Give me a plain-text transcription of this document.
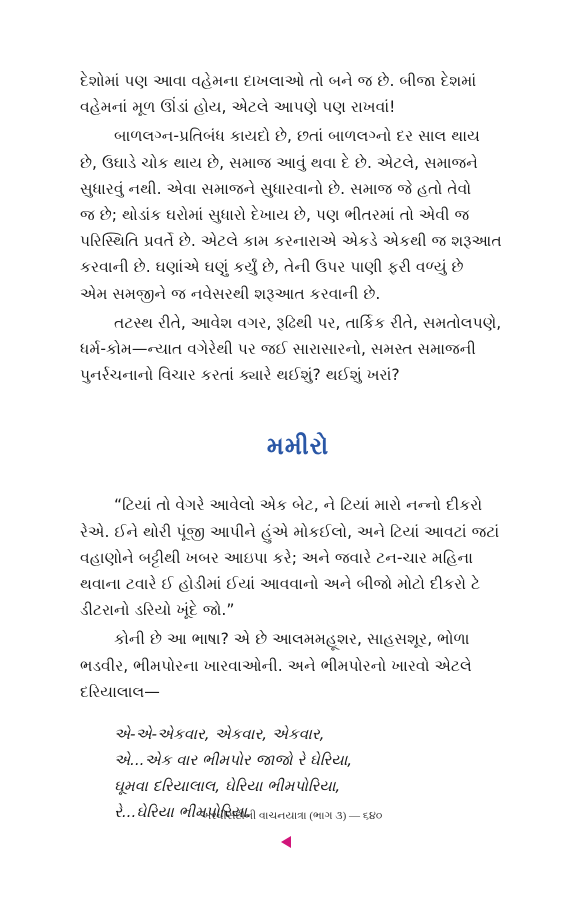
દેશોમાં પણ આવા વહેમના દાખલાઓ તો બને જ છે. બીજા દેશમાં
વહેમનાં મૂળ ઊંડાં હોય, એટલે આપણે પણ રાખવાં!
બાળલગ્ન-પ્રતિબંધ કાયદો છે, છતાં બાળલગ્નો દર સાલ થાય
છે, ઉઘાડે ચોક થાય છે, સમાજ આવું થવા દે છે. એટલે, સમાજને
સુધારવું નથી. એવા સમાજને સુધારવાનો છે. સમાજ જે હતો તેવો
જ છે; થોડાંક ઘરોમાં સુધારો દેખાય છે, પણ ભીતરમાં તો એવી જ
પરિસ્થિતિ પ્રવર્તે છે. એટલે કામ કરનારાએ એકડે એકથી જ શરૂઆત
કરવાની છે. ઘણાંએ ઘણું કર્યું છે, તેની ઉપર પાણી ફરી વળ્યું છે
એમ સમજીને જ નવેસરથી શરૂઆત કરવાની છે.
તટસ્થ રીતે, આવેશ વગર, રૂઢિથી પર, તાર્કિક રીતે, સમતોલપણે,
ધર્મ-કોમ—ન્યાત વગેરેથી પર જઈ સારાસારનો, સમસ્ત સમાજની
પુનર્રચનાનો વિચાર કરતાં ક્યારે થઈશું? થઈશું ખરાં?
મમીરો
“ટિયાં તો વેગરે આવેલો એક બેટ, ને ટિયાં મારો નન્નો દીકરો
રેએ. ઈને થોરી પૂંજી આપીને હુંએ મોકઈલો, અને ટિયાં આવટાં જટાં
વહાણોને બટ્ટીથી ખબર આઇપા કરે; અને જવારે ટન-ચાર મહિના
થવાના ટવારે ઈ હોડીમાં ઈયાં આવવાનો અને બીજો મોટો દીકરો ટે
ડીટરાનો ડરિયો ખૂંદે જો.”
કોની છે આ ભાષા? એ છે આલમમહૂશર, સાહસશૂર, ભોળા
ભડવીર, ભીમપોરના ખારવાઓની. અને ભીમપોરનો ખારવો એટલે
દરિયાલાલ—
એ-એ-એકવાર, એકવાર, એકવાર,
એ...એક વાર ભીમપોર જાજો રે ઘેરિયા,
ઘૂમવા દરિયાલાલ, ઘેરિયા ભીમપોરિયા,
રે...ઘેરિયા ભીમપોરિયા.
અરધીસદીની વાચનયાત્રા (ભાગ ૩) — ૬૪૦
